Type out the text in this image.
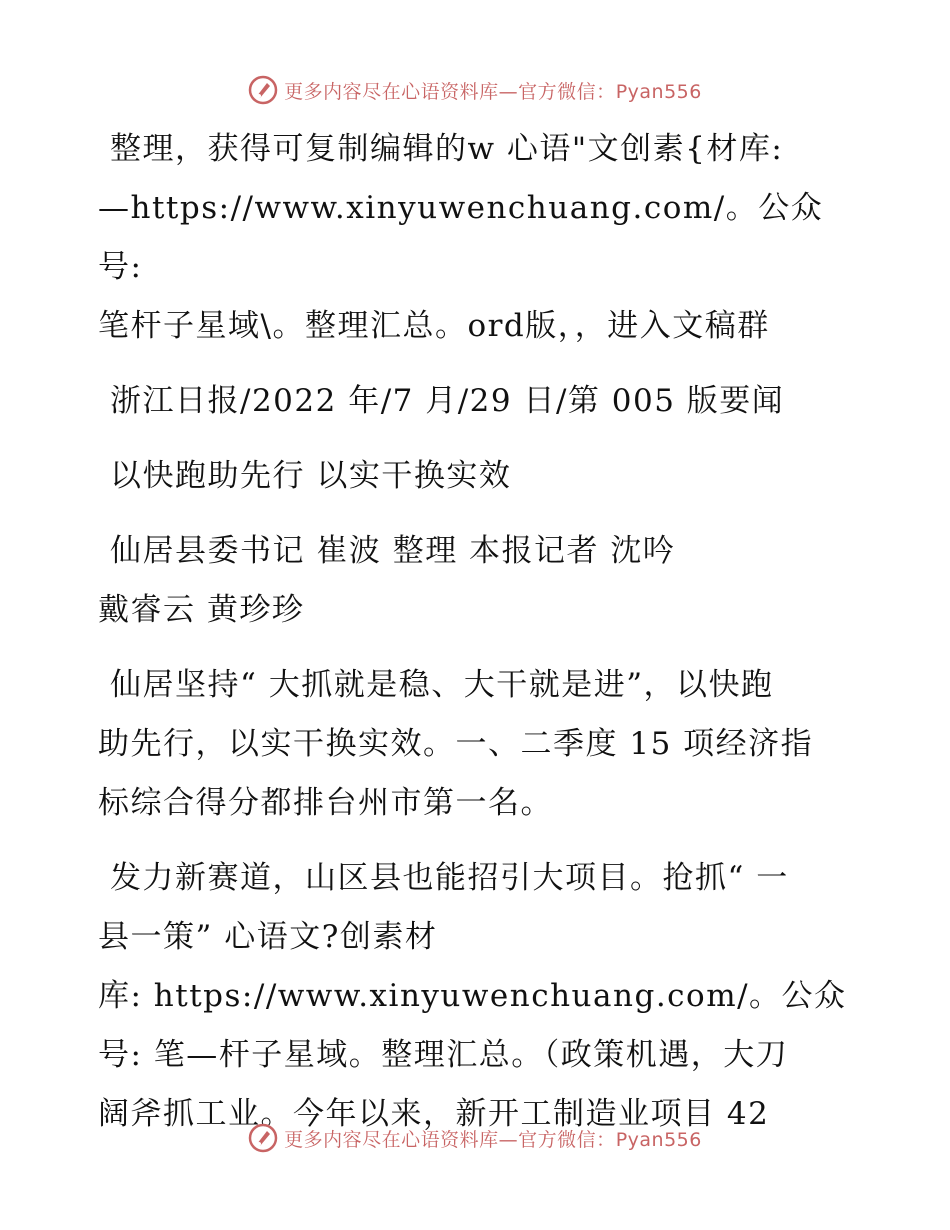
更多内容尽在心语资料库—官方微信：Pyan556
整理，获得可复制编辑的w 心语"文创素{材库:
—https://www.xinyuwenchuang.com/。公众号:
笔杆子星域\。整理汇总。ord版，，进入文稿群
浙江日报/2022 年/7 月/29 日/第 005 版要闻
以快跑助先行 以实干换实效
仙居县委书记 崔波 整理 本报记者 沈吟
戴睿云 黄珍珍
仙居坚持“ 大抓就是稳、大干就是进”，以快跑
助先行，以实干换实效。一、二季度 15 项经济指
标综合得分都排台州市第一名。
发力新赛道，山区县也能招引大项目。抢抓“ 一
县一策” 心语文?创素材
库: https://www.xinyuwenchuang.com/。公众
号: 笔—杆子星域。整理汇总。（政策机遇，大刀
阔斧抓工业。今年以来，新开工制造业项目 42
更多内容尽在心语资料库—官方微信：Pyan556
